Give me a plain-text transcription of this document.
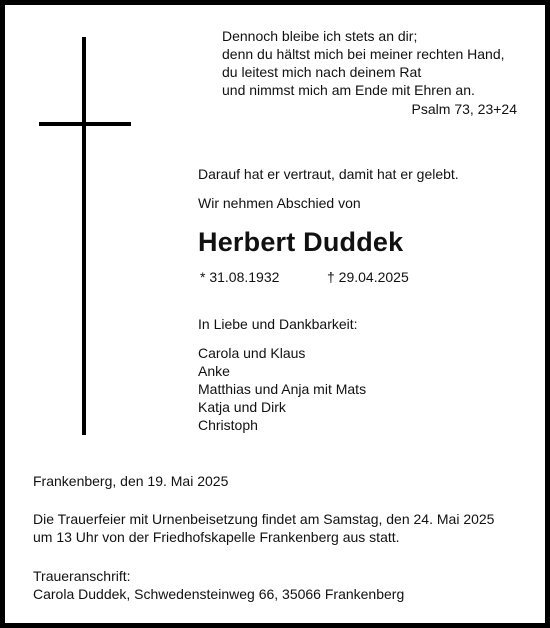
Dennoch bleibe ich stets an dir;
denn du hältst mich bei meiner rechten Hand,
du leitest mich nach deinem Rat
und nimmst mich am Ende mit Ehren an.
Psalm 73, 23+24
Darauf hat er vertraut, damit hat er gelebt.
Wir nehmen Abschied von
Herbert Duddek
* 31.08.1932	† 29.04.2025
In Liebe und Dankbarkeit:
Carola und Klaus
Anke
Matthias und Anja mit Mats
Katja und Dirk
Christoph
Frankenberg, den 19. Mai 2025
Die Trauerfeier mit Urnenbeisetzung findet am Samstag, den 24. Mai 2025
um 13 Uhr von der Friedhofskapelle Frankenberg aus statt.
Traueranschrift:
Carola Duddek, Schwedensteinweg 66, 35066 Frankenberg
